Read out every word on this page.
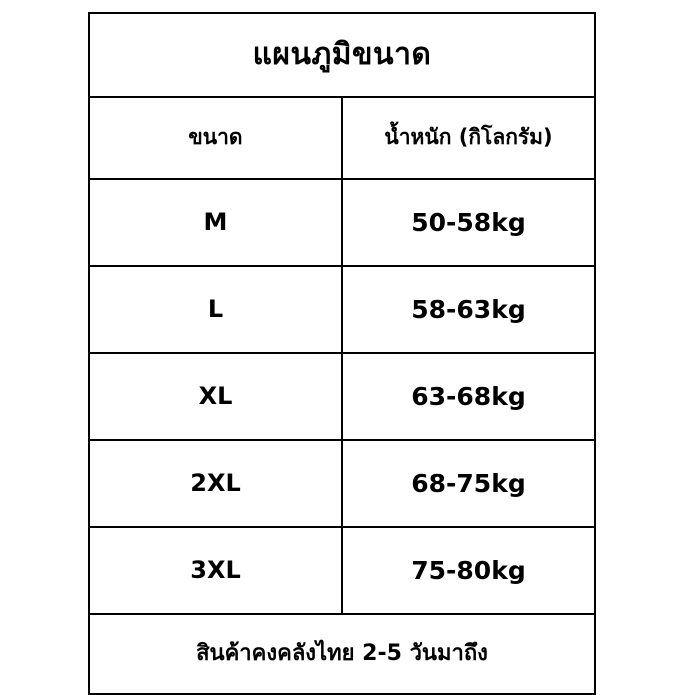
แผนภูมิขนาด	

ขนาด	น้ำหนัก (กิโลกรัม)

M	50-58kg

L	58-63kg

XL	63-68kg

2XL	68-75kg

3XL	75-80kg

สินค้าคงคลังไทย 2-5 วันมาถึง	
